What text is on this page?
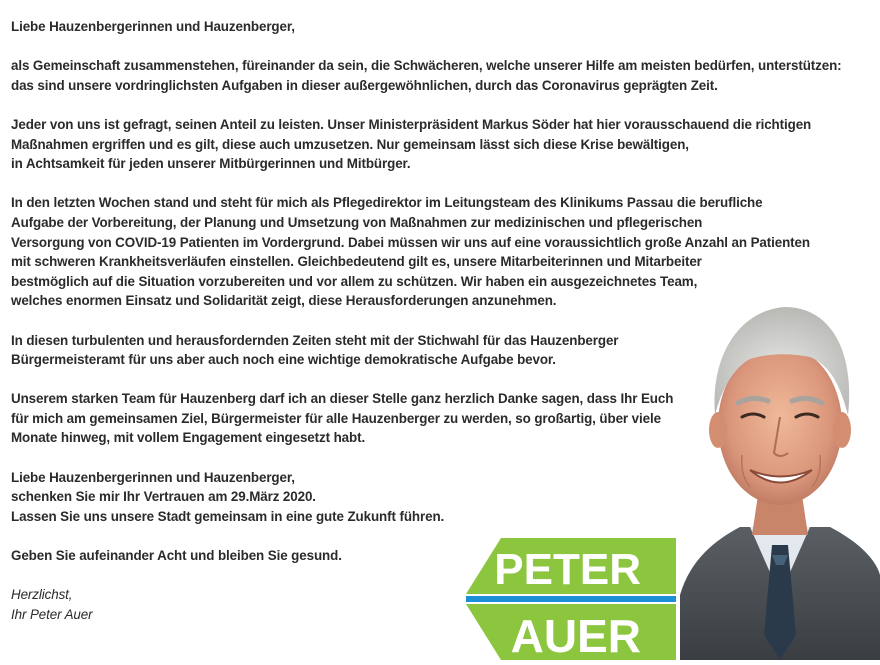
Liebe Hauzenbergerinnen und Hauzenberger,

als Gemeinschaft zusammenstehen, füreinander da sein, die Schwächeren, welche unserer Hilfe am meisten bedürfen, unterstützen:
das sind unsere vordringlichsten Aufgaben in dieser außergewöhnlichen, durch das Coronavirus geprägten Zeit.

Jeder von uns ist gefragt, seinen Anteil zu leisten. Unser Ministerpräsident Markus Söder hat hier vorausschauend die richtigen
Maßnahmen ergriffen und es gilt, diese auch umzusetzen. Nur gemeinsam lässt sich diese Krise bewältigen,
in Achtsamkeit für jeden unserer Mitbürgerinnen und Mitbürger.

In den letzten Wochen stand und steht für mich als Pflegedirektor im Leitungsteam des Klinikums Passau die berufliche
Aufgabe der Vorbereitung, der Planung und Umsetzung von Maßnahmen zur medizinischen und pflegerischen
Versorgung von COVID-19 Patienten im Vordergrund. Dabei müssen wir uns auf eine voraussichtlich große Anzahl an Patienten
mit schweren Krankheitsverläufen einstellen. Gleichbedeutend gilt es, unsere Mitarbeiterinnen und Mitarbeiter
bestmöglich auf die Situation vorzubereiten und vor allem zu schützen. Wir haben ein ausgezeichnetes Team,
welches enormen Einsatz und Solidarität zeigt, diese Herausforderungen anzunehmen.

In diesen turbulenten und herausfordernden Zeiten steht mit der Stichwahl für das Hauzenberger
Bürgermeisteramt für uns aber auch noch eine wichtige demokratische Aufgabe bevor.

Unserem starken Team für Hauzenberg darf ich an dieser Stelle ganz herzlich Danke sagen, dass Ihr Euch
für mich am gemeinsamen Ziel, Bürgermeister für alle Hauzenberger zu werden, so großartig, über viele
Monate hinweg, mit vollem Engagement eingesetzt habt.

Liebe Hauzenbergerinnen und Hauzenberger,
schenken Sie mir Ihr Vertrauen am 29.März 2020.
Lassen Sie uns unsere Stadt gemeinsam in eine gute Zukunft führen.

Geben Sie aufeinander Acht und bleiben Sie gesund.

Herzlichst,
Ihr Peter Auer

PETER
AUER
